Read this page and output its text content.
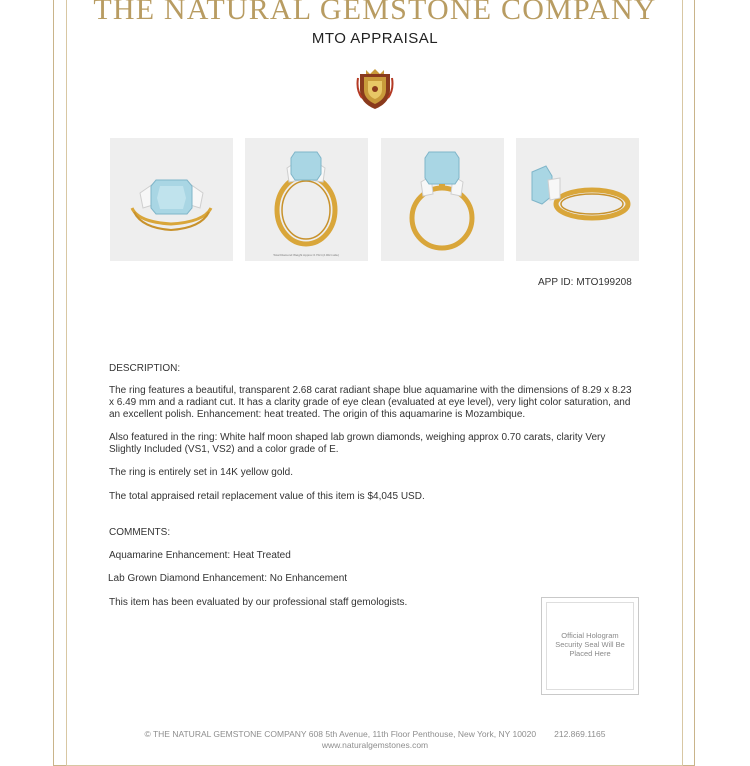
THE NATURAL GEMSTONE COMPANY
MTO APPRAISAL
Total Diamond Weight Approx 0.70ct (2.00ct side)
APP ID: MTO199208
DESCRIPTION:
The ring features a beautiful, transparent 2.68 carat radiant shape blue aquamarine with the dimensions of 8.29 x 8.23 x 6.49 mm and a radiant cut. It has a clarity grade of eye clean (evaluated at eye level), very light color saturation, and an excellent polish. Enhancement: heat treated. The origin of this aquamarine is Mozambique.
Also featured in the ring: White half moon shaped lab grown diamonds, weighing approx 0.70 carats, clarity Very Slightly Included (VS1, VS2) and a color grade of E.
The ring is entirely set in 14K yellow gold.
The total appraised retail replacement value of this item is $4,045 USD.
COMMENTS:
Aquamarine Enhancement: Heat Treated
Lab Grown Diamond Enhancement: No Enhancement
This item has been evaluated by our professional staff gemologists.
Official Hologram Security Seal Will Be Placed Here
© THE NATURAL GEMSTONE COMPANY 608 5th Avenue, 11th Floor Penthouse, New York, NY 10020 212.869.1165
www.naturalgemstones.com
